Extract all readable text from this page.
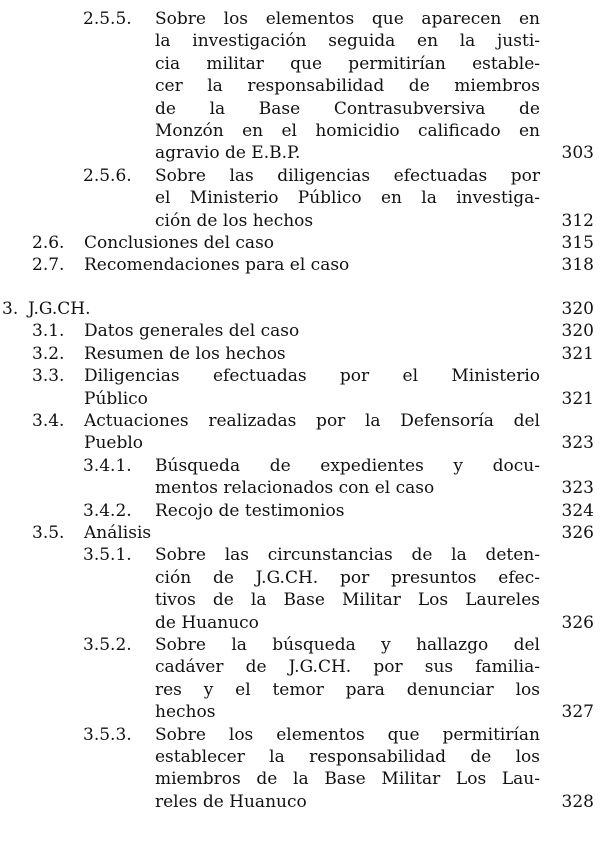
2.5.5.	Sobre los elementos que aparecen en
la investigación seguida en la justi-
cia militar que permitirían estable-
cer la responsabilidad de miembros
de la Base Contrasubversiva de
Monzón en el homicidio calificado en
agravio de E.B.P.	303
2.5.6.	Sobre las diligencias efectuadas por
el Ministerio Público en la investiga-
ción de los hechos	312
2.6.	Conclusiones del caso	315
2.7.	Recomendaciones para el caso	318
3. J.G.CH.	320
3.1.	Datos generales del caso	320
3.2.	Resumen de los hechos	321
3.3.	Diligencias efectuadas por el Ministerio
Público	321
3.4.	Actuaciones realizadas por la Defensoría del
Pueblo	323
3.4.1.	Búsqueda de expedientes y docu-
mentos relacionados con el caso	323
3.4.2.	Recojo de testimonios	324
3.5.	Análisis	326
3.5.1.	Sobre las circunstancias de la deten-
ción de J.G.CH. por presuntos efec-
tivos de la Base Militar Los Laureles
de Huanuco	326
3.5.2.	Sobre la búsqueda y hallazgo del
cadáver de J.G.CH. por sus familia-
res y el temor para denunciar los
hechos	327
3.5.3.	Sobre los elementos que permitirían
establecer la responsabilidad de los
miembros de la Base Militar Los Lau-
reles de Huanuco	328
